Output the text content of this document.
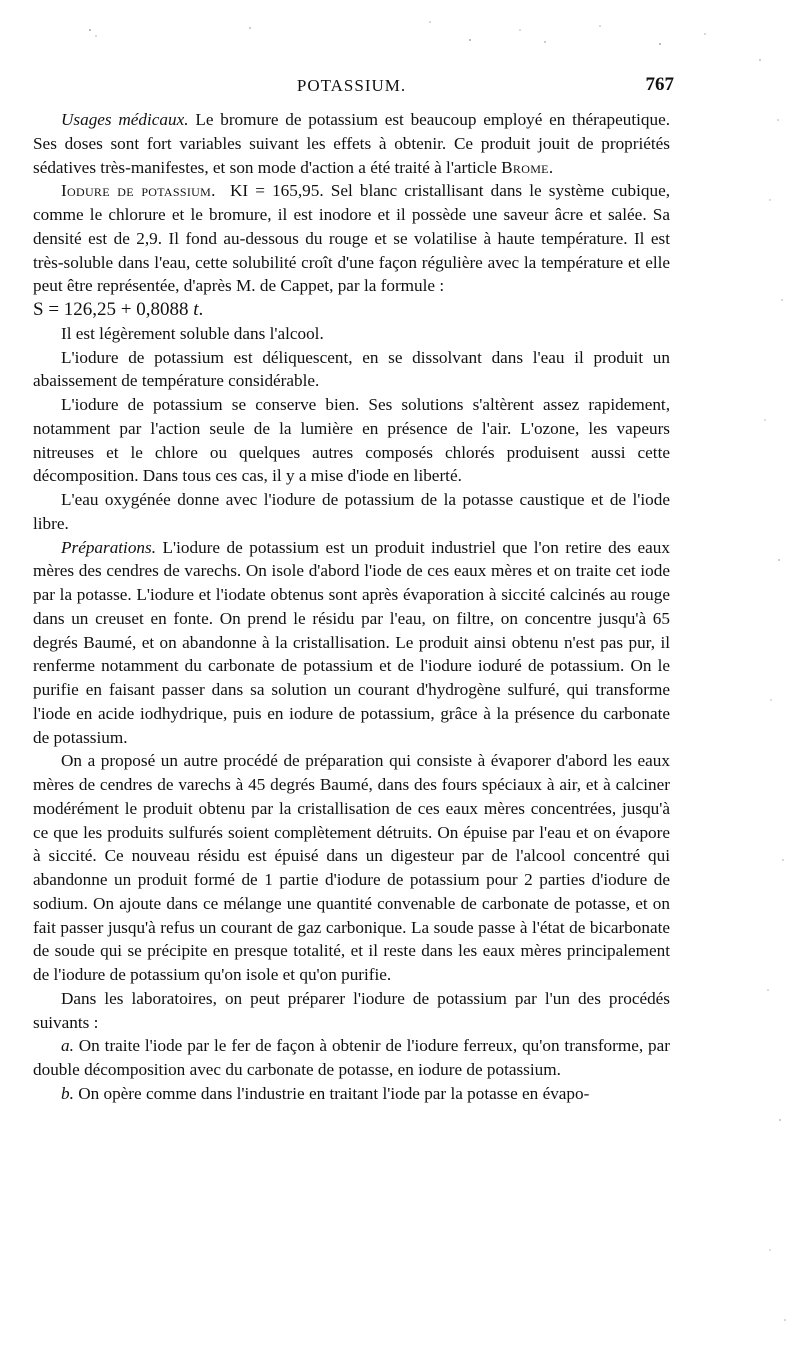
POTASSIUM.	767

Usages médicaux. Le bromure de potassium est beaucoup employé en thérapeutique. Ses doses sont fort variables suivant les effets à obtenir. Ce produit jouit de propriétés sédatives très-manifestes, et son mode d'action a été traité à l'article Brome.

Iodure de potassium. KI = 165,95. Sel blanc cristallisant dans le système cubique, comme le chlorure et le bromure, il est inodore et il possède une saveur âcre et salée. Sa densité est de 2,9. Il fond au-dessous du rouge et se volatilise à haute température. Il est très-soluble dans l'eau, cette solubilité croît d'une façon régulière avec la température et elle peut être représentée, d'après M. de Cappet, par la formule :

S = 126,25 + 0,8088 t.

Il est légèrement soluble dans l'alcool.

L'iodure de potassium est déliquescent, en se dissolvant dans l'eau il produit un abaissement de température considérable.

L'iodure de potassium se conserve bien. Ses solutions s'altèrent assez rapidement, notamment par l'action seule de la lumière en présence de l'air. L'ozone, les vapeurs nitreuses et le chlore ou quelques autres composés chlorés produisent aussi cette décomposition. Dans tous ces cas, il y a mise d'iode en liberté.

L'eau oxygénée donne avec l'iodure de potassium de la potasse caustique et de l'iode libre.

Préparations. L'iodure de potassium est un produit industriel que l'on retire des eaux mères des cendres de varechs. On isole d'abord l'iode de ces eaux mères et on traite cet iode par la potasse. L'iodure et l'iodate obtenus sont après évaporation à siccité calcinés au rouge dans un creuset en fonte. On prend le résidu par l'eau, on filtre, on concentre jusqu'à 65 degrés Baumé, et on abandonne à la cristallisation. Le produit ainsi obtenu n'est pas pur, il renferme notamment du carbonate de potassium et de l'iodure ioduré de potassium. On le purifie en faisant passer dans sa solution un courant d'hydrogène sulfuré, qui transforme l'iode en acide iodhydrique, puis en iodure de potassium, grâce à la présence du carbonate de potassium.

On a proposé un autre procédé de préparation qui consiste à évaporer d'abord les eaux mères de cendres de varechs à 45 degrés Baumé, dans des fours spéciaux à air, et à calciner modérément le produit obtenu par la cristallisation de ces eaux mères concentrées, jusqu'à ce que les produits sulfurés soient complètement détruits. On épuise par l'eau et on évapore à siccité. Ce nouveau résidu est épuisé dans un digesteur par de l'alcool concentré qui abandonne un produit formé de 1 partie d'iodure de potassium pour 2 parties d'iodure de sodium. On ajoute dans ce mélange une quantité convenable de carbonate de potasse, et on fait passer jusqu'à refus un courant de gaz carbonique. La soude passe à l'état de bicarbonate de soude qui se précipite en presque totalité, et il reste dans les eaux mères principalement de l'iodure de potassium qu'on isole et qu'on purifie.

Dans les laboratoires, on peut préparer l'iodure de potassium par l'un des procédés suivants :

a. On traite l'iode par le fer de façon à obtenir de l'iodure ferreux, qu'on transforme, par double décomposition avec du carbonate de potasse, en iodure de potassium.

b. On opère comme dans l'industrie en traitant l'iode par la potasse en évapo-
